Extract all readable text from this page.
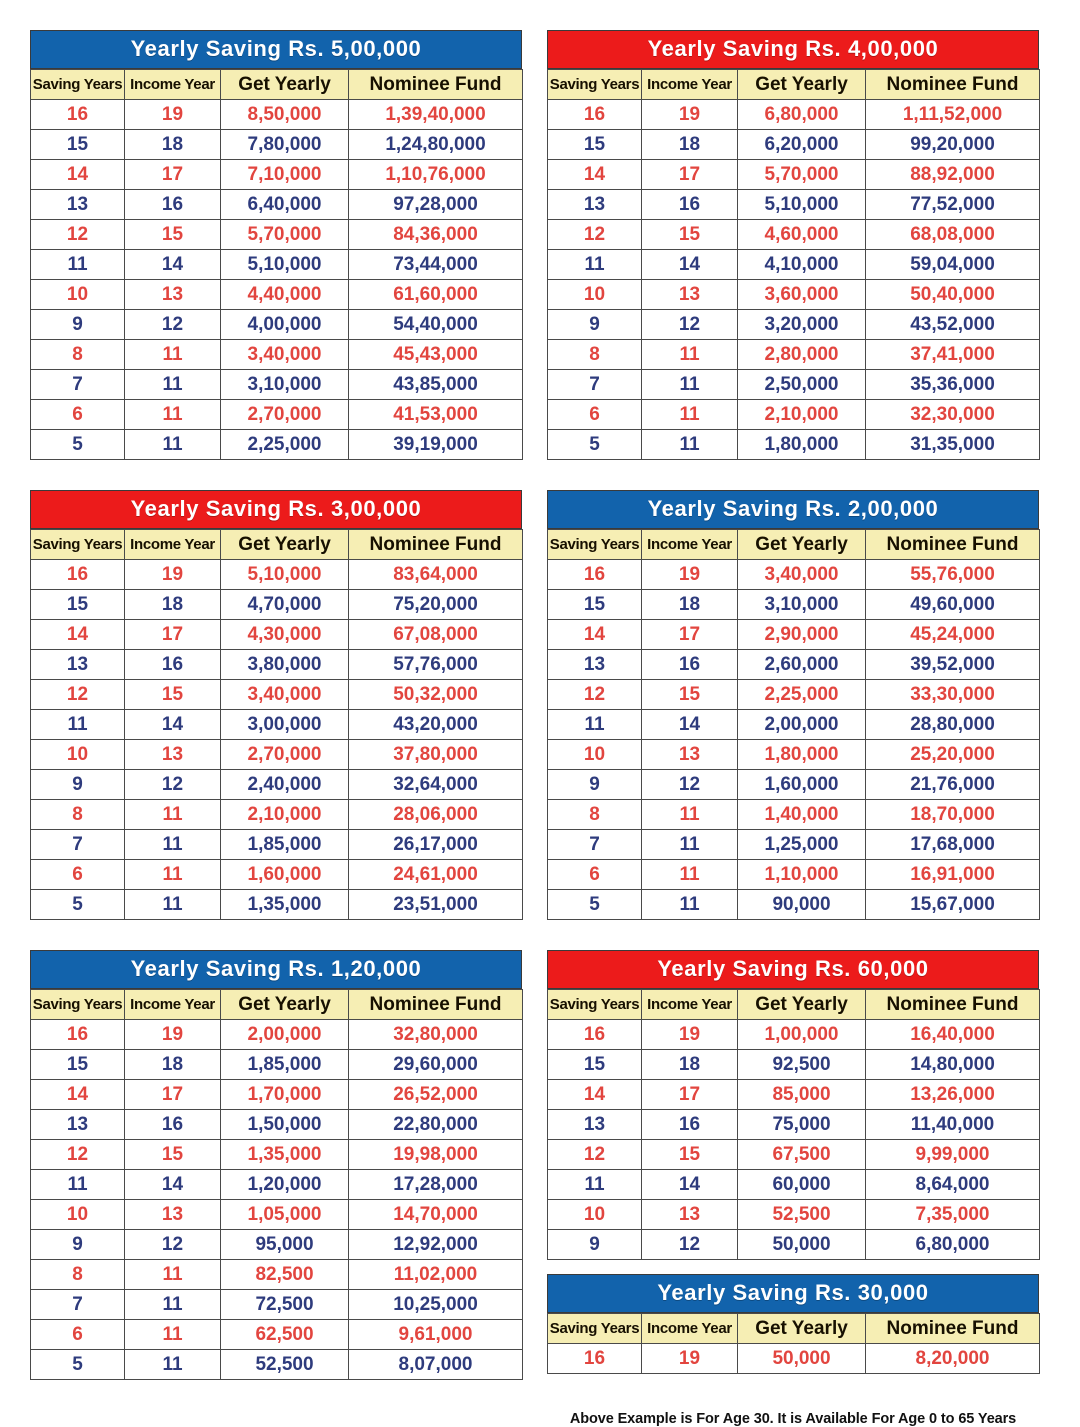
Yearly Saving Rs. 5,00,000
Saving Years	Income Year	Get Yearly	Nominee Fund
16	19	8,50,000	1,39,40,000
15	18	7,80,000	1,24,80,000
14	17	7,10,000	1,10,76,000
13	16	6,40,000	97,28,000
12	15	5,70,000	84,36,000
11	14	5,10,000	73,44,000
10	13	4,40,000	61,60,000
9	12	4,00,000	54,40,000
8	11	3,40,000	45,43,000
7	11	3,10,000	43,85,000
6	11	2,70,000	41,53,000
5	11	2,25,000	39,19,000
Yearly Saving Rs. 3,00,000
Saving Years	Income Year	Get Yearly	Nominee Fund
16	19	5,10,000	83,64,000
15	18	4,70,000	75,20,000
14	17	4,30,000	67,08,000
13	16	3,80,000	57,76,000
12	15	3,40,000	50,32,000
11	14	3,00,000	43,20,000
10	13	2,70,000	37,80,000
9	12	2,40,000	32,64,000
8	11	2,10,000	28,06,000
7	11	1,85,000	26,17,000
6	11	1,60,000	24,61,000
5	11	1,35,000	23,51,000
Yearly Saving Rs. 1,20,000
Saving Years	Income Year	Get Yearly	Nominee Fund
16	19	2,00,000	32,80,000
15	18	1,85,000	29,60,000
14	17	1,70,000	26,52,000
13	16	1,50,000	22,80,000
12	15	1,35,000	19,98,000
11	14	1,20,000	17,28,000
10	13	1,05,000	14,70,000
9	12	95,000	12,92,000
8	11	82,500	11,02,000
7	11	72,500	10,25,000
6	11	62,500	9,61,000
5	11	52,500	8,07,000
Yearly Saving Rs. 4,00,000
Saving Years	Income Year	Get Yearly	Nominee Fund
16	19	6,80,000	1,11,52,000
15	18	6,20,000	99,20,000
14	17	5,70,000	88,92,000
13	16	5,10,000	77,52,000
12	15	4,60,000	68,08,000
11	14	4,10,000	59,04,000
10	13	3,60,000	50,40,000
9	12	3,20,000	43,52,000
8	11	2,80,000	37,41,000
7	11	2,50,000	35,36,000
6	11	2,10,000	32,30,000
5	11	1,80,000	31,35,000
Yearly Saving Rs. 2,00,000
Saving Years	Income Year	Get Yearly	Nominee Fund
16	19	3,40,000	55,76,000
15	18	3,10,000	49,60,000
14	17	2,90,000	45,24,000
13	16	2,60,000	39,52,000
12	15	2,25,000	33,30,000
11	14	2,00,000	28,80,000
10	13	1,80,000	25,20,000
9	12	1,60,000	21,76,000
8	11	1,40,000	18,70,000
7	11	1,25,000	17,68,000
6	11	1,10,000	16,91,000
5	11	90,000	15,67,000
Yearly Saving Rs. 60,000
Saving Years	Income Year	Get Yearly	Nominee Fund
16	19	1,00,000	16,40,000
15	18	92,500	14,80,000
14	17	85,000	13,26,000
13	16	75,000	11,40,000
12	15	67,500	9,99,000
11	14	60,000	8,64,000
10	13	52,500	7,35,000
9	12	50,000	6,80,000
Yearly Saving Rs. 30,000
Saving Years	Income Year	Get Yearly	Nominee Fund
16	19	50,000	8,20,000
Above Example is For Age 30. It is Available For Age 0 to 65 Years
